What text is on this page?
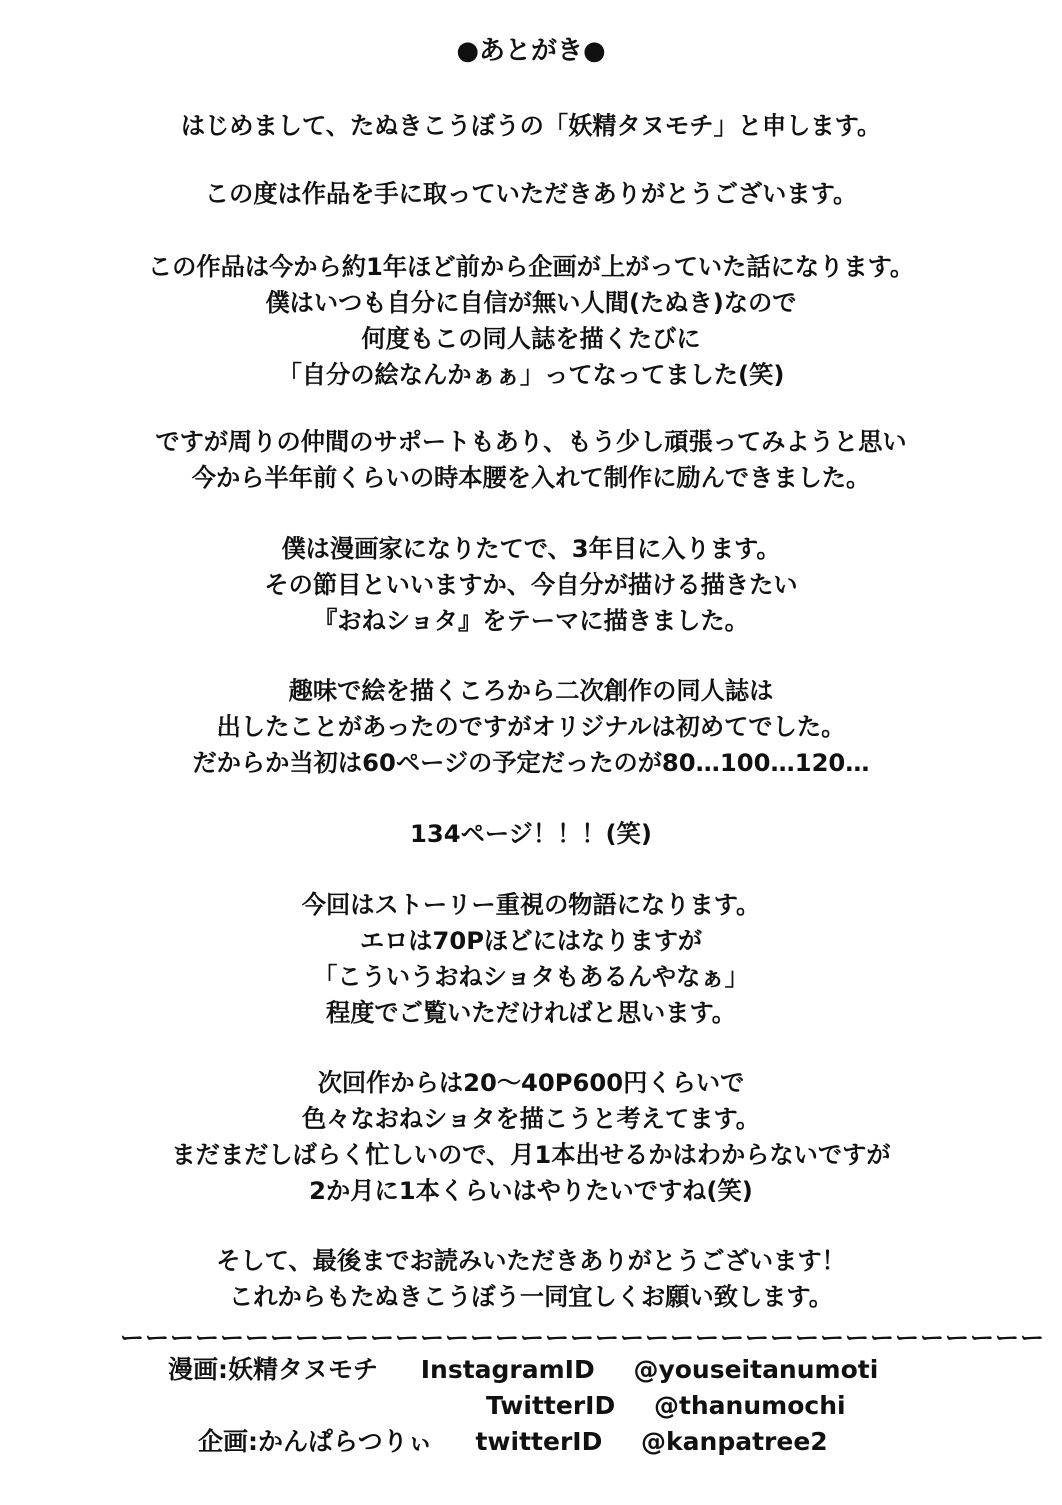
●あとがき●
はじめまして、たぬきこうぼうの「妖精タヌモチ」と申します。
この度は作品を手に取っていただきありがとうございます。
この作品は今から約1年ほど前から企画が上がっていた話になります。
僕はいつも自分に自信が無い人間(たぬき)なので
何度もこの同人誌を描くたびに
「自分の絵なんかぁぁ」ってなってました(笑)
ですが周りの仲間のサポートもあり、もう少し頑張ってみようと思い
今から半年前くらいの時本腰を入れて制作に励んできました。
僕は漫画家になりたてで、3年目に入ります。
その節目といいますか、今自分が描ける描きたい
『おねショタ』をテーマに描きました。
趣味で絵を描くころから二次創作の同人誌は
出したことがあったのですがオリジナルは初めてでした。
だからか当初は60ページの予定だったのが80…100…120…
134ページ！！！(笑)
今回はストーリー重視の物語になります。
エロは70Pほどにはなりますが
「こういうおねショタもあるんやなぁ」
程度でご覧いただければと思います。
次回作からは20～40P600円くらいで
色々なおねショタを描こうと考えてます。
まだまだしばらく忙しいので、月1本出せるかはわからないですが
2か月に1本くらいはやりたいですね(笑)
そして、最後までお読みいただきありがとうございます！
これからもたぬきこうぼう一同宜しくお願い致します。
ーーーーーーーーーーーーーーーーーーーーーーーーーーーーーーーーーーーーー
漫画:妖精タヌモチ InstagramID @youseitanumoti
TwitterID @thanumochi
企画:かんぱらつりぃ twitterID @kanpatree2
